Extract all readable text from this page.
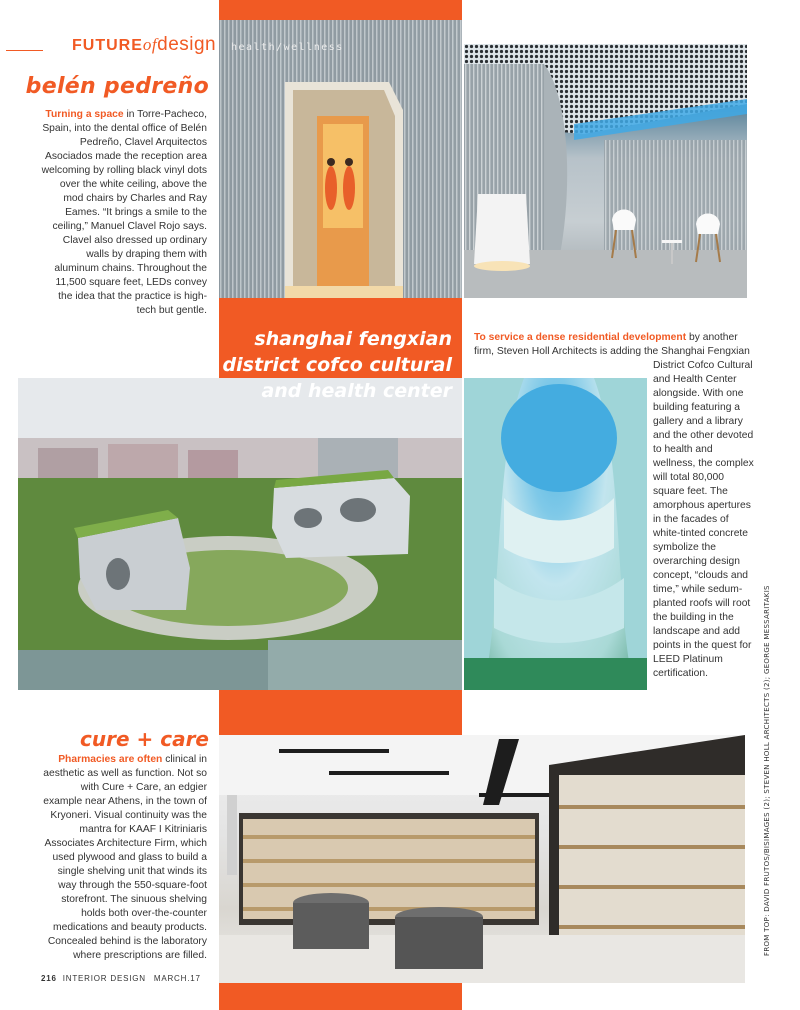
FUTUREofdesign health/wellness
belén pedreño
shanghai fengxian district cofco cultural and health center
cure + care

Turning a space in Torre-Pacheco, Spain, into the dental office of Belén Pedreño, Clavel Arquitectos Asociados made the reception area welcoming by rolling black vinyl dots over the white ceiling, above the mod chairs by Charles and Ray Eames. “It brings a smile to the ceiling,” Manuel Clavel Rojo says. Clavel also dressed up ordinary walls by draping them with aluminum chains. Throughout the 11,500 square feet, LEDs convey the idea that the practice is high-tech but gentle.

To service a dense residential development by another firm, Steven Holl Architects is adding the Shanghai Fengxian

District Cofco Cultural and Health Center alongside. With one building featuring a gallery and a library and the other devoted to health and wellness, the complex will total 80,000 square feet. The amorphous apertures in the facades of white-tinted concrete symbolize the overarching design concept, “clouds and time,” while sedum-planted roofs will root the building in the landscape and add points in the quest for LEED Platinum certification.

Pharmacies are often clinical in aesthetic as well as function. Not so with Cure + Care, an edgier example near Athens, in the town of Kryoneri. Visual continuity was the mantra for KAAF I Kitriniaris Associates Architecture Firm, which used plywood and glass to build a single shelving unit that winds its way through the 550-square-foot storefront. The sinuous shelving holds both over-the-counter medications and beauty products. Concealed behind is the laboratory where prescriptions are filled.	FROM TOP: DAVID FRUTOS/BISIMAGES (2); STEVEN HOLL ARCHITECTS (2); GEORGE MESSARITAKIS
216 INTERIOR DESIGN MARCH.17
